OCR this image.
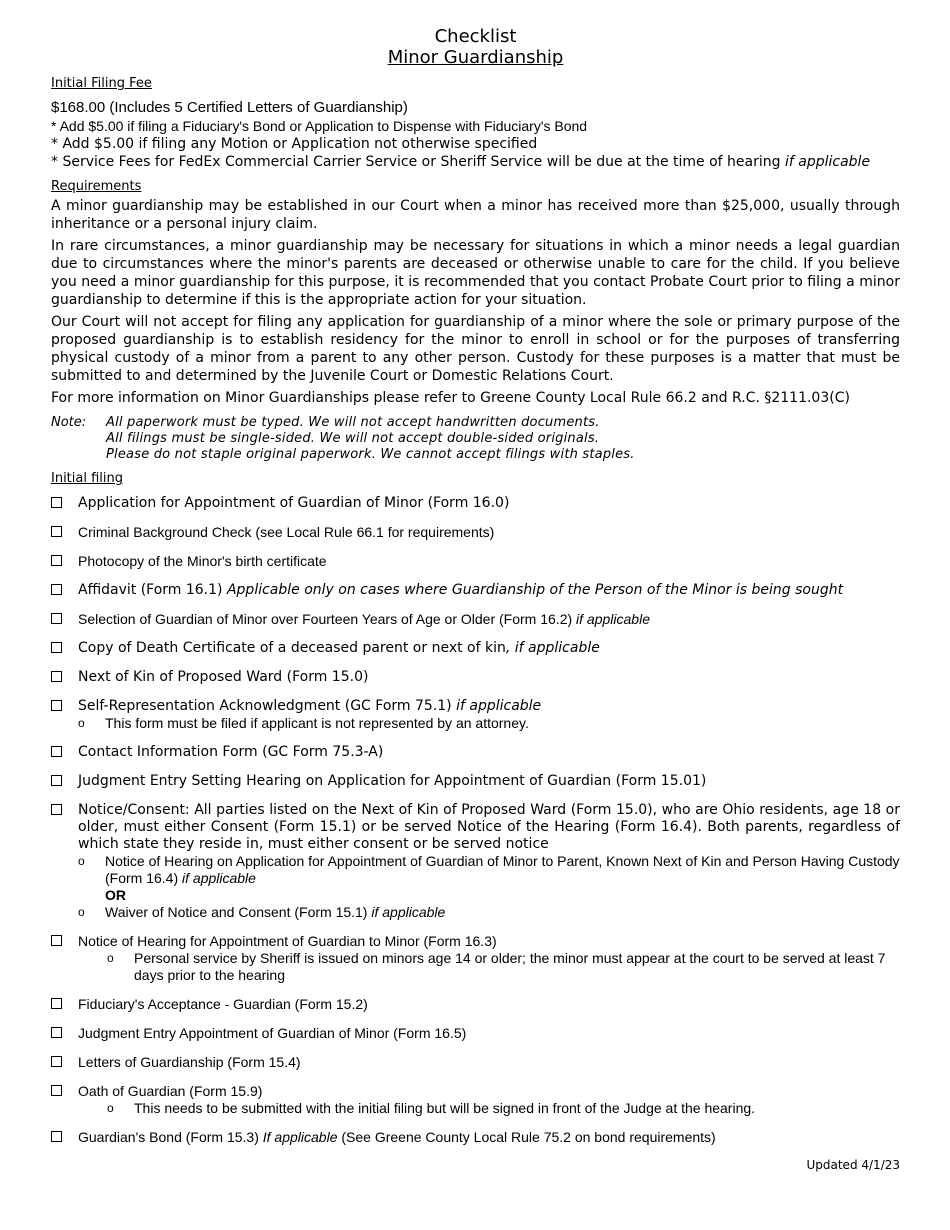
Checklist
Minor Guardianship
Initial Filing Fee
$168.00 (Includes 5 Certified Letters of Guardianship)
* Add $5.00 if filing a Fiduciary's Bond or Application to Dispense with Fiduciary's Bond
* Add $5.00 if filing any Motion or Application not otherwise specified
* Service Fees for FedEx Commercial Carrier Service or Sheriff Service will be due at the time of hearing if applicable
Requirements
A minor guardianship may be established in our Court when a minor has received more than $25,000, usually through inheritance or a personal injury claim.
In rare circumstances, a minor guardianship may be necessary for situations in which a minor needs a legal guardian due to circumstances where the minor's parents are deceased or otherwise unable to care for the child. If you believe you need a minor guardianship for this purpose, it is recommended that you contact Probate Court prior to filing a minor guardianship to determine if this is the appropriate action for your situation.
Our Court will not accept for filing any application for guardianship of a minor where the sole or primary purpose of the proposed guardianship is to establish residency for the minor to enroll in school or for the purposes of transferring physical custody of a minor from a parent to any other person. Custody for these purposes is a matter that must be submitted to and determined by the Juvenile Court or Domestic Relations Court.
For more information on Minor Guardianships please refer to Greene County Local Rule 66.2 and R.C. §2111.03(C)
Note:	All paperwork must be typed. We will not accept handwritten documents.
All filings must be single-sided. We will not accept double-sided originals.
Please do not staple original paperwork. We cannot accept filings with staples.
Initial filing
Application for Appointment of Guardian of Minor (Form 16.0)
Criminal Background Check (see Local Rule 66.1 for requirements)
Photocopy of the Minor's birth certificate
Affidavit (Form 16.1) Applicable only on cases where Guardianship of the Person of the Minor is being sought
Selection of Guardian of Minor over Fourteen Years of Age or Older (Form 16.2) if applicable
Copy of Death Certificate of a deceased parent or next of kin, if applicable
Next of Kin of Proposed Ward (Form 15.0)
Self-Representation Acknowledgment (GC Form 75.1) if applicable
o This form must be filed if applicant is not represented by an attorney.
Contact Information Form (GC Form 75.3-A)
Judgment Entry Setting Hearing on Application for Appointment of Guardian (Form 15.01)
Notice/Consent: All parties listed on the Next of Kin of Proposed Ward (Form 15.0), who are Ohio residents, age 18 or older, must either Consent (Form 15.1) or be served Notice of the Hearing (Form 16.4). Both parents, regardless of which state they reside in, must either consent or be served notice
o Notice of Hearing on Application for Appointment of Guardian of Minor to Parent, Known Next of Kin and Person Having Custody (Form 16.4) if applicable
OR
o Waiver of Notice and Consent (Form 15.1) if applicable
Notice of Hearing for Appointment of Guardian to Minor (Form 16.3)
o Personal service by Sheriff is issued on minors age 14 or older; the minor must appear at the court to be served at least 7 days prior to the hearing
Fiduciary's Acceptance - Guardian (Form 15.2)
Judgment Entry Appointment of Guardian of Minor (Form 16.5)
Letters of Guardianship (Form 15.4)
Oath of Guardian (Form 15.9)
o This needs to be submitted with the initial filing but will be signed in front of the Judge at the hearing.
Guardian's Bond (Form 15.3) If applicable (See Greene County Local Rule 75.2 on bond requirements)
Updated 4/1/23
